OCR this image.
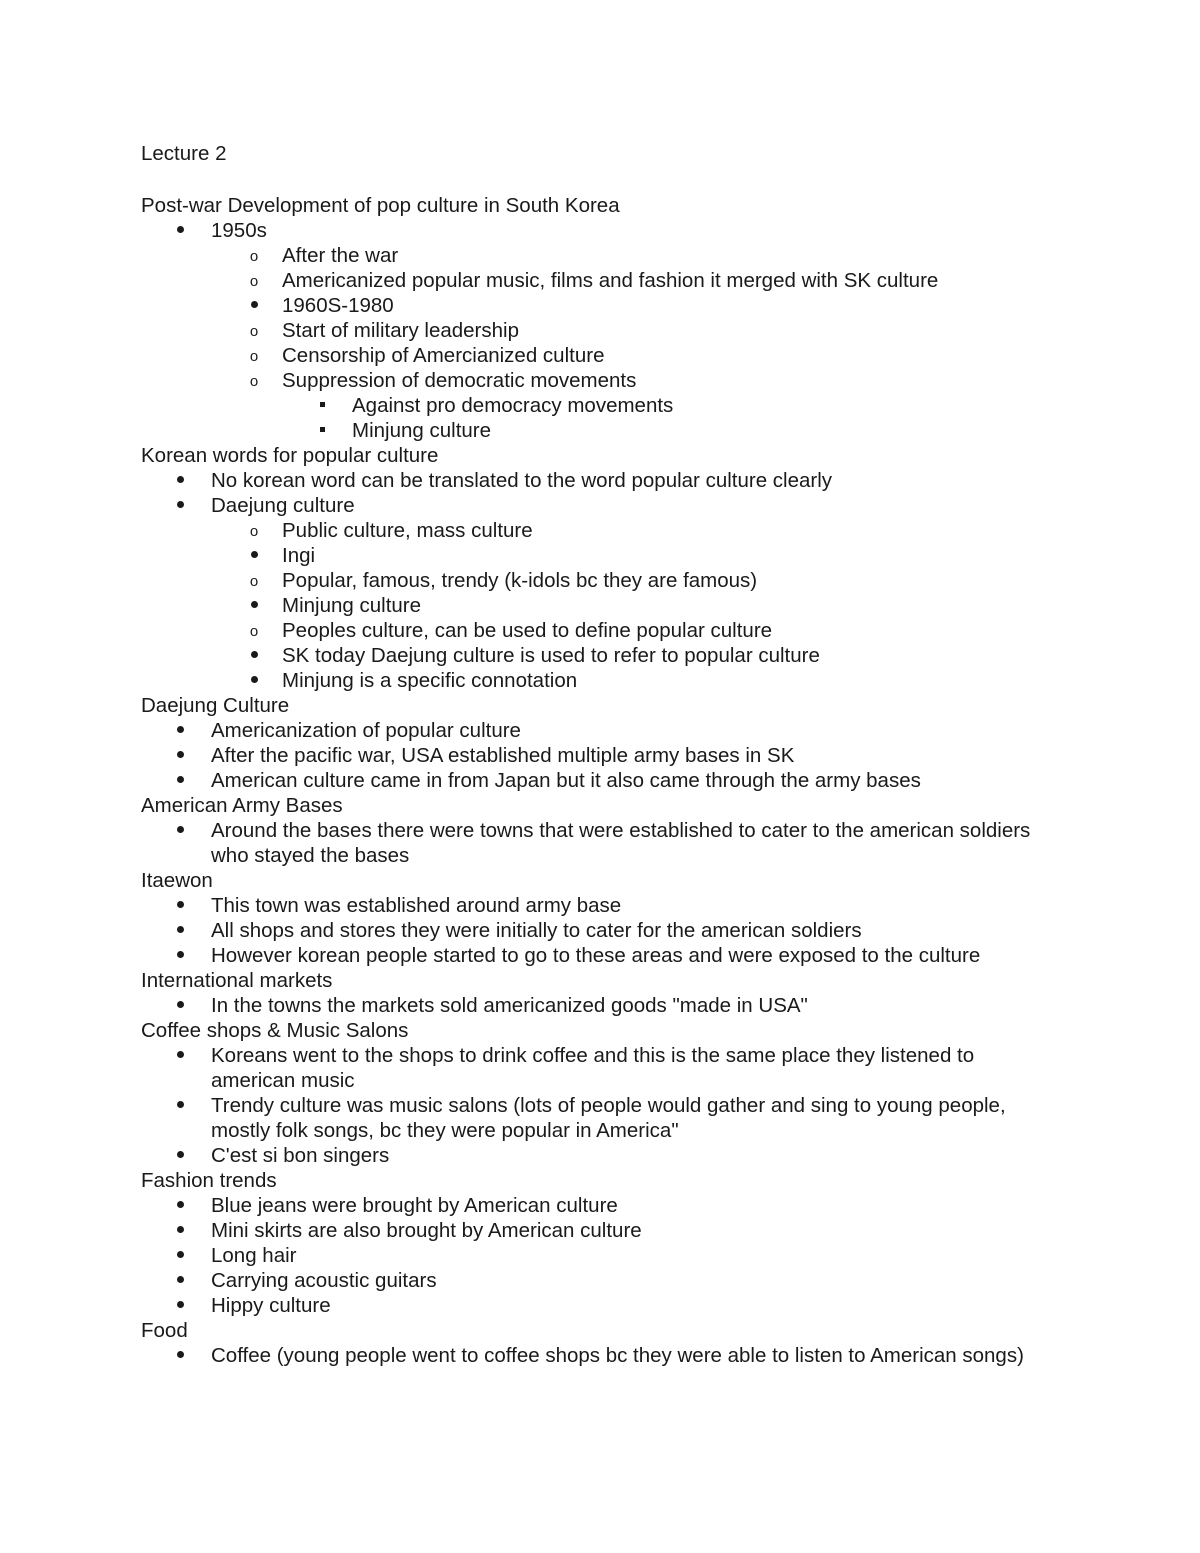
Lecture 2
Post-war Development of pop culture in South Korea
1950s
o
After the war
o
Americanized popular music, films and fashion it merged with SK culture
1960S-1980
o
Start of military leadership
o
Censorship of Amercianized culture
o
Suppression of democratic movements
Against pro democracy movements
Minjung culture
Korean words for popular culture
No korean word can be translated to the word popular culture clearly
Daejung culture
o
Public culture, mass culture
Ingi
o
Popular, famous, trendy (k-idols bc they are famous)
Minjung culture
o
Peoples culture, can be used to define popular culture
SK today Daejung culture is used to refer to popular culture
Minjung is a specific connotation
Daejung Culture
Americanization of popular culture
After the pacific war, USA established multiple army bases in SK
American culture came in from Japan but it also came through the army bases
American Army Bases
Around the bases there were towns that were established to cater to the american soldiers who stayed the bases
Itaewon
This town was established around army base
All shops and stores they were initially to cater for the american soldiers
However korean people started to go to these areas and were exposed to the culture
International markets
In the towns the markets sold americanized goods "made in USA"
Coffee shops & Music Salons
Koreans went to the shops to drink coffee and this is the same place they listened to american music
Trendy culture was music salons (lots of people would gather and sing to young people, mostly folk songs, bc they were popular in America"
C'est si bon singers
Fashion trends
Blue jeans were brought by American culture
Mini skirts are also brought by American culture
Long hair
Carrying acoustic guitars
Hippy culture
Food
Coffee (young people went to coffee shops bc they were able to listen to American songs)
